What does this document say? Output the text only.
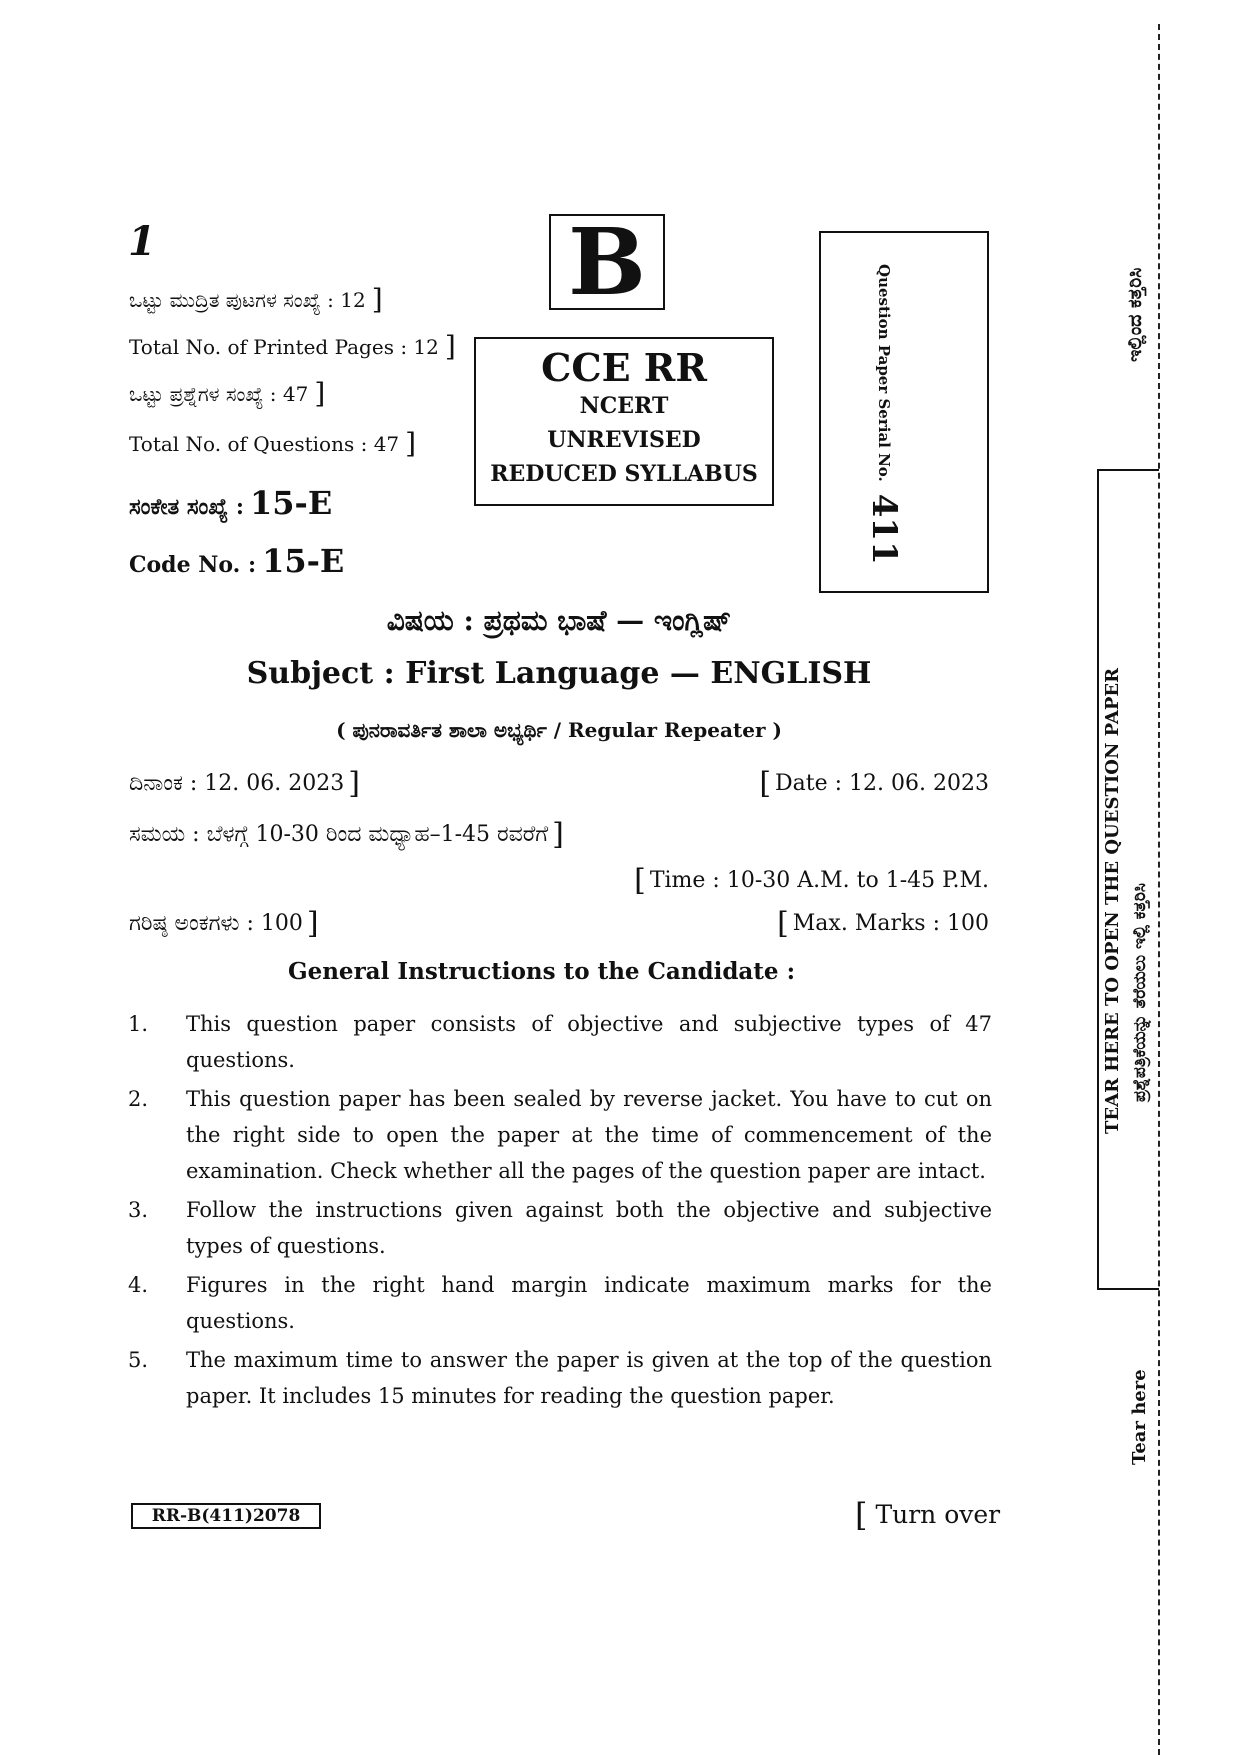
1
ಒಟ್ಟು ಮುದ್ರಿತ ಪುಟಗಳ ಸಂಖ್ಯೆ : 12 ]
Total No. of Printed Pages : 12 ]
ಒಟ್ಟು ಪ್ರಶ್ನೆಗಳ ಸಂಖ್ಯೆ : 47 ]
Total No. of Questions : 47 ]
ಸಂಕೇತ ಸಂಖ್ಯೆ : 15-E
Code No. : 15-E
B
CCE RR
NCERT
UNREVISED
REDUCED SYLLABUS	Question Paper Serial No.411
ವಿಷಯ : ಪ್ರಥಮ ಭಾಷೆ — ಇಂಗ್ಲಿಷ್
Subject : First Language — ENGLISH
( ಪುನರಾವರ್ತಿತ ಶಾಲಾ ಅಭ್ಯರ್ಥಿ / Regular Repeater )
ದಿನಾಂಕ : 12. 06. 2023 ]	[ Date : 12. 06. 2023
ಸಮಯ : ಬೆಳಗ್ಗೆ 10-30 ರಿಂದ ಮಧ್ಯಾಹ–1-45 ರವರೆಗೆ ]
[ Time : 10-30 A.M. to 1-45 P.M.
ಗರಿಷ್ಠ ಅಂಕಗಳು : 100 ]	[ Max. Marks : 100
General Instructions to the Candidate :
1. This question paper consists of objective and subjective types of 47 questions.
2. This question paper has been sealed by reverse jacket. You have to cut on the right side to open the paper at the time of commencement of the examination. Check whether all the pages of the question paper are intact.
3. Follow the instructions given against both the objective and subjective types of questions.
4. Figures in the right hand margin indicate maximum marks for the questions.
5. The maximum time to answer the paper is given at the top of the question paper. It includes 15 minutes for reading the question paper.
RR-B(411)2078	[ Turn over
ಇಲ್ಲಿಂದ ಕತ್ತರಿಸಿ
TEAR HERE TO OPEN THE QUESTION PAPER ಪ್ರಶ್ನೆಪತ್ರಿಕೆಯನ್ನು ತೆರೆಯಲು ಇಲ್ಲಿ ಕತ್ತರಿಸಿ
Tear here
